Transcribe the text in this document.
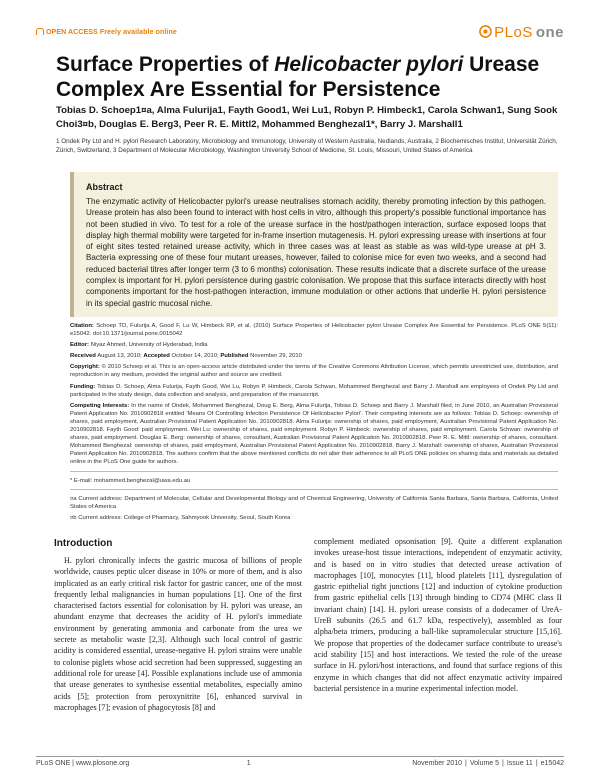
OPEN ACCESS Freely available online	PLoS one
Surface Properties of Helicobacter pylori Urease Complex Are Essential for Persistence
Tobias D. Schoep1¤a, Alma Fulurija1, Fayth Good1, Wei Lu1, Robyn P. Himbeck1, Carola Schwan1, Sung Sook Choi3¤b, Douglas E. Berg3, Peer R. E. Mittl2, Mohammed Benghezal1*, Barry J. Marshall1
1 Ondek Pty Ltd and H. pylori Research Laboratory, Microbiology and Immunology, University of Western Australia, Nedlands, Australia, 2 Biochemisches Institut, Universität Zürich, Zürich, Switzerland, 3 Department of Molecular Microbiology, Washington University School of Medicine, St. Louis, Missouri, United States of America
Abstract
The enzymatic activity of Helicobacter pylori's urease neutralises stomach acidity, thereby promoting infection by this pathogen. Urease protein has also been found to interact with host cells in vitro, although this property's possible functional importance has not been studied in vivo. To test for a role of the urease surface in the host/pathogen interaction, surface exposed loops that display high thermal mobility were targeted for in-frame insertion mutagenesis. H. pylori expressing urease with insertions at four of eight sites tested retained urease activity, which in three cases was at least as stable as was wild-type urease at pH 3. Bacteria expressing one of these four mutant ureases, however, failed to colonise mice for even two weeks, and a second had reduced bacterial titres after longer term (3 to 6 months) colonisation. These results indicate that a discrete surface of the urease complex is important for H. pylori persistence during gastric colonisation. We propose that this surface interacts directly with host components important for the host-pathogen interaction, immune modulation or other actions that underlie H. pylori persistence in its special gastric mucosal niche.

Citation: Schoep TD, Fulurija A, Good F, Lu W, Himbeck RP, et al. (2010) Surface Properties of Helicobacter pylori Urease Complex Are Essential for Persistence. PLoS ONE 5(11): e15042. doi:10.1371/journal.pone.0015042

Editor: Niyaz Ahmed, University of Hyderabad, India

Received August 13, 2010; Accepted October 14, 2010; Published November 29, 2010

Copyright: © 2010 Schoep et al. This is an open-access article distributed under the terms of the Creative Commons Attribution License, which permits unrestricted use, distribution, and reproduction in any medium, provided the original author and source are credited.

Funding: Tobias D. Schoep, Alma Fulurija, Fayth Good, Wei Lu, Robyn P. Himbeck, Carola Schwan, Mohammed Benghezal and Barry J. Marshall are employees of Ondek Pty Ltd and participated in the study design, data collection and analysis, and preparation of the manuscript.

Competing Interests: In the name of Ondek, Mohammed Benghezal, Doug E. Berg, Alma Fulurija, Tobias D. Schoep and Barry J. Marshall filed, in June 2010, an Australian Provisional Patent Application No. 2010902818 entitled 'Means Of Controlling Infection Persistence Of Helicobacter Pylori'. Their competing interests are as follows: Tobias D. Schoep: ownership of shares, paid employment, Australian Provisional Patent Application No. 2010902818. Alma Fulurija: ownership of shares, paid employment, Australian Provisional Patent Application No. 2010902818. Fayth Good: paid employment. Wei Lu: ownership of shares, paid employment. Robyn P. Himbeck: ownership of shares, paid employment. Carola Schwan: ownership of shares, paid employment. Douglas E. Berg: ownership of shares, consultant, Australian Provisional Patent Application No. 2010902818. Peer R. E. Mittl: ownership of shares, consultant. Mohammed Benghezal: ownership of shares, paid employment, Australian Provisional Patent Application No. 2010902818. Barry J. Marshall: ownership of shares, Australian Provisional Patent Application No. 2010902818. The authors confirm that the above mentioned conflicts do not alter their adherence to all PLoS ONE policies on sharing data and materials as detailed online in the PLoS One guide for authors.

* E-mail: mohammed.benghezal@uwa.edu.au

¤a Current address: Department of Molecular, Cellular and Developmental Biology and of Chemical Engineering, University of California Santa Barbara, Santa Barbara, California, United States of America

¤b Current address: College of Pharmacy, Sahmyook University, Seoul, South Korea

Introduction

H. pylori chronically infects the gastric mucosa of billions of people worldwide, causes peptic ulcer disease in 10% or more of them, and is also implicated as an early critical risk factor for gastric cancer, one of the most frequently lethal malignancies in human populations [1]. One of the first characterised factors essential for colonisation by H. pylori was urease, an abundant enzyme that decreases the acidity of H. pylori's immediate environment by generating ammonia and carbonate from the urea we secrete as metabolic waste [2,3]. Although such local control of gastric acidity is considered essential, urease-negative H. pylori strains were unable to colonise piglets whose acid secretion had been suppressed, suggesting an additional role for urease [4]. Possible explanations include use of ammonia that urease generates to synthesise essential metabolites, especially amino acids [5]; protection from peroxynitrite [6], enhanced survival in macrophages [7]; evasion of phagocytosis [8] and

complement mediated opsonisation [9]. Quite a different explanation invokes urease-host tissue interactions, independent of enzymatic activity, and is based on in vitro studies that detected urease activation of macrophages [10], monocytes [11], blood platelets [11], dysregulation of gastric epithelial tight junctions [12] and induction of cytokine production from gastric epithelial cells [13] through binding to CD74 (MHC class II invariant chain) [14]. H. pylori urease consists of a dodecamer of UreA-UreB subunits (26.5 and 61.7 kDa, respectively), assembled as four alpha/beta trimers, producing a ball-like supramolecular structure [15,16]. We propose that properties of the dodecamer surface contribute to urease's acid stability [15] and host interactions. We tested the role of the urease surface in H. pylori/host interactions, and found that surface regions of this enzyme in which changes that did not affect enzymatic activity impaired bacterial persistence in a murine experimental infection model.

PLoS ONE | www.plosone.org	1	November 2010 | Volume 5 | Issue 11 | e15042
